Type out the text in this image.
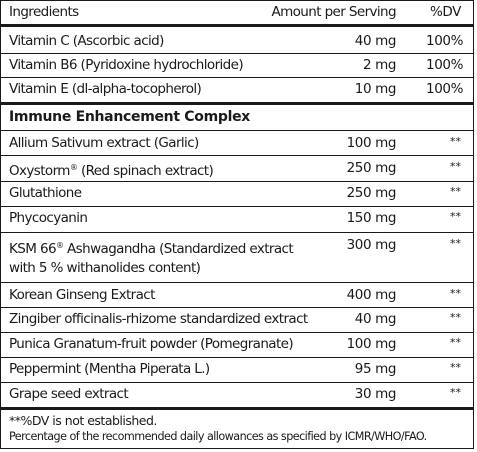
Ingredients	Amount per Serving	%DV
Vitamin C (Ascorbic acid)	40 mg 100%
Vitamin B6 (Pyridoxine hydrochloride)	2 mg 100%
Vitamin E (dl-alpha-tocopherol)	10 mg 100%
Immune Enhancement Complex
Allium Sativum extract (Garlic)	100 mg	**
Oxystorm® (Red spinach extract)	250 mg	**
Glutathione	250 mg	**
Phycocyanin	150 mg	**
KSM 66® Ashwagandha (Standardized extract
with 5 % withanolides content)
300 mg	**
Korean Ginseng Extract	400 mg	**
Zingiber officinalis-rhizome standardized extract	40 mg	**
Punica Granatum-fruit powder (Pomegranate)	100 mg	**
Peppermint (Mentha Piperata L.)	95 mg	**
Grape seed extract	30 mg	**
**%DV is not established.
Percentage of the recommended daily allowances as specified by ICMR/WHO/FAO.
